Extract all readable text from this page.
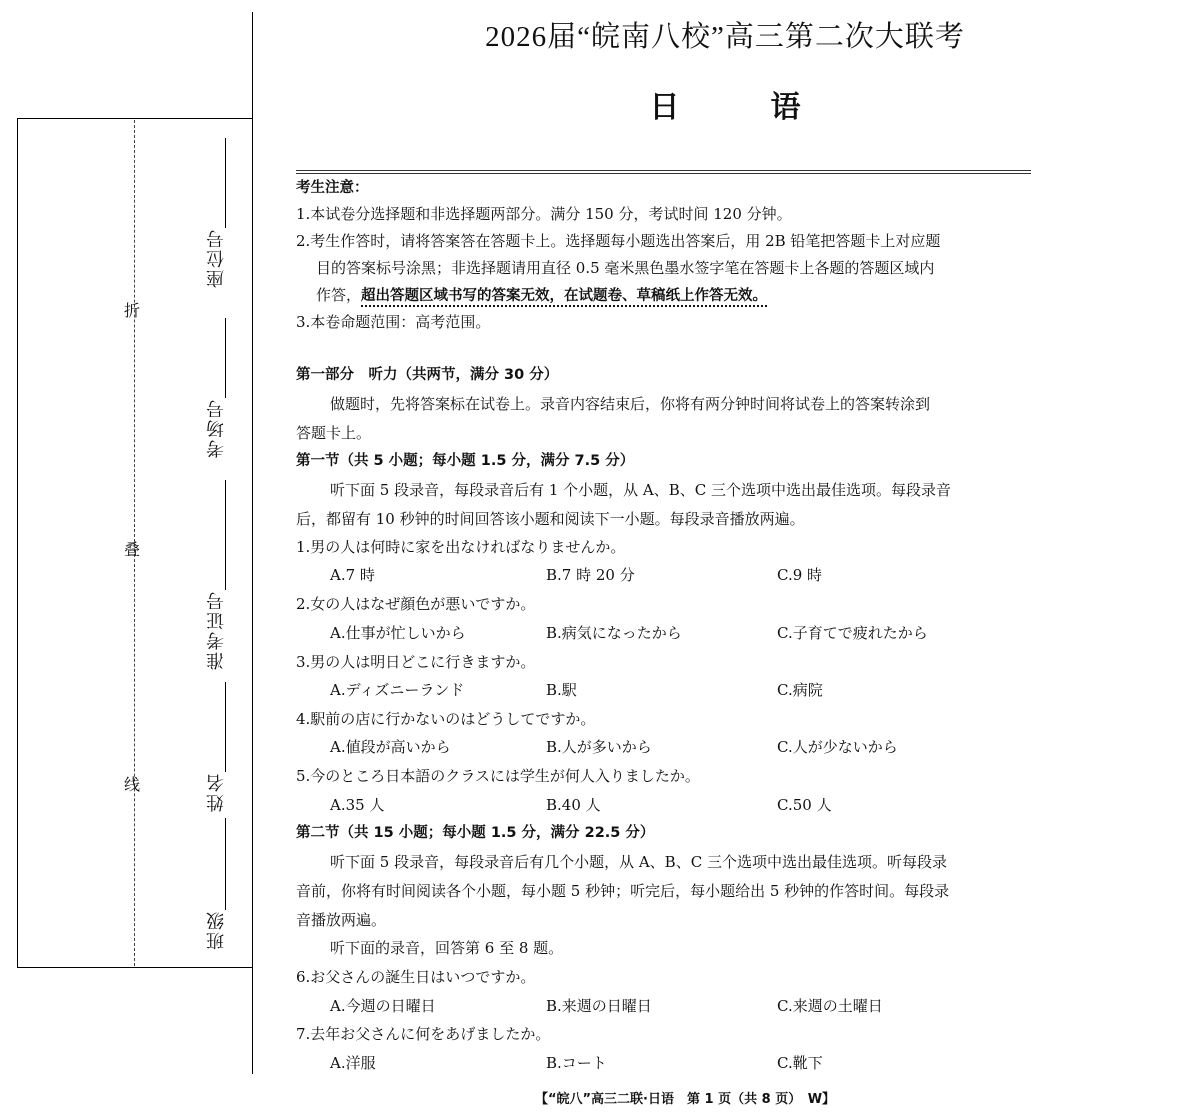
折
叠
线
座位号
考场号
准考证号
姓名
班级
2026届“皖南八校”高三第二次大联考
日	语
考生注意：
1.本试卷分选择题和非选择题两部分。满分 150 分，考试时间 120 分钟。
2.考生作答时，请将答案答在答题卡上。选择题每小题选出答案后，用 2B 铅笔把答题卡上对应题
目的答案标号涂黑；非选择题请用直径 0.5 毫米黑色墨水签字笔在答题卡上各题的答题区域内
作答，超出答题区域书写的答案无效，在试题卷、草稿纸上作答无效。
3.本卷命题范围：高考范围。
第一部分　听力（共两节，满分 30 分）
做题时，先将答案标在试卷上。录音内容结束后，你将有两分钟时间将试卷上的答案转涂到
答题卡上。
第一节（共 5 小题；每小题 1.5 分，满分 7.5 分）
听下面 5 段录音，每段录音后有 1 个小题，从 A、B、C 三个选项中选出最佳选项。每段录音
后，都留有 10 秒钟的时间回答该小题和阅读下一小题。每段录音播放两遍。
1.男の人は何時に家を出なければなりませんか。
A.7 時	B.7 時 20 分	C.9 時
2.女の人はなぜ顔色が悪いですか。
A.仕事が忙しいから	B.病気になったから	C.子育てで疲れたから
3.男の人は明日どこに行きますか。
A.ディズニーランド	B.駅	C.病院
4.駅前の店に行かないのはどうしてですか。
A.値段が高いから	B.人が多いから	C.人が少ないから
5.今のところ日本語のクラスには学生が何人入りましたか。
A.35 人	B.40 人	C.50 人
第二节（共 15 小题；每小题 1.5 分，满分 22.5 分）
听下面 5 段录音，每段录音后有几个小题，从 A、B、C 三个选项中选出最佳选项。听每段录
音前，你将有时间阅读各个小题，每小题 5 秒钟；听完后，每小题给出 5 秒钟的作答时间。每段录
音播放两遍。
听下面的录音，回答第 6 至 8 题。
6.お父さんの誕生日はいつですか。
A.今週の日曜日	B.来週の日曜日	C.来週の土曜日
7.去年お父さんに何をあげましたか。
A.洋服	B.コート	C.靴下
【“皖八”高三二联·日语　第 1 页（共 8 页）　W】
